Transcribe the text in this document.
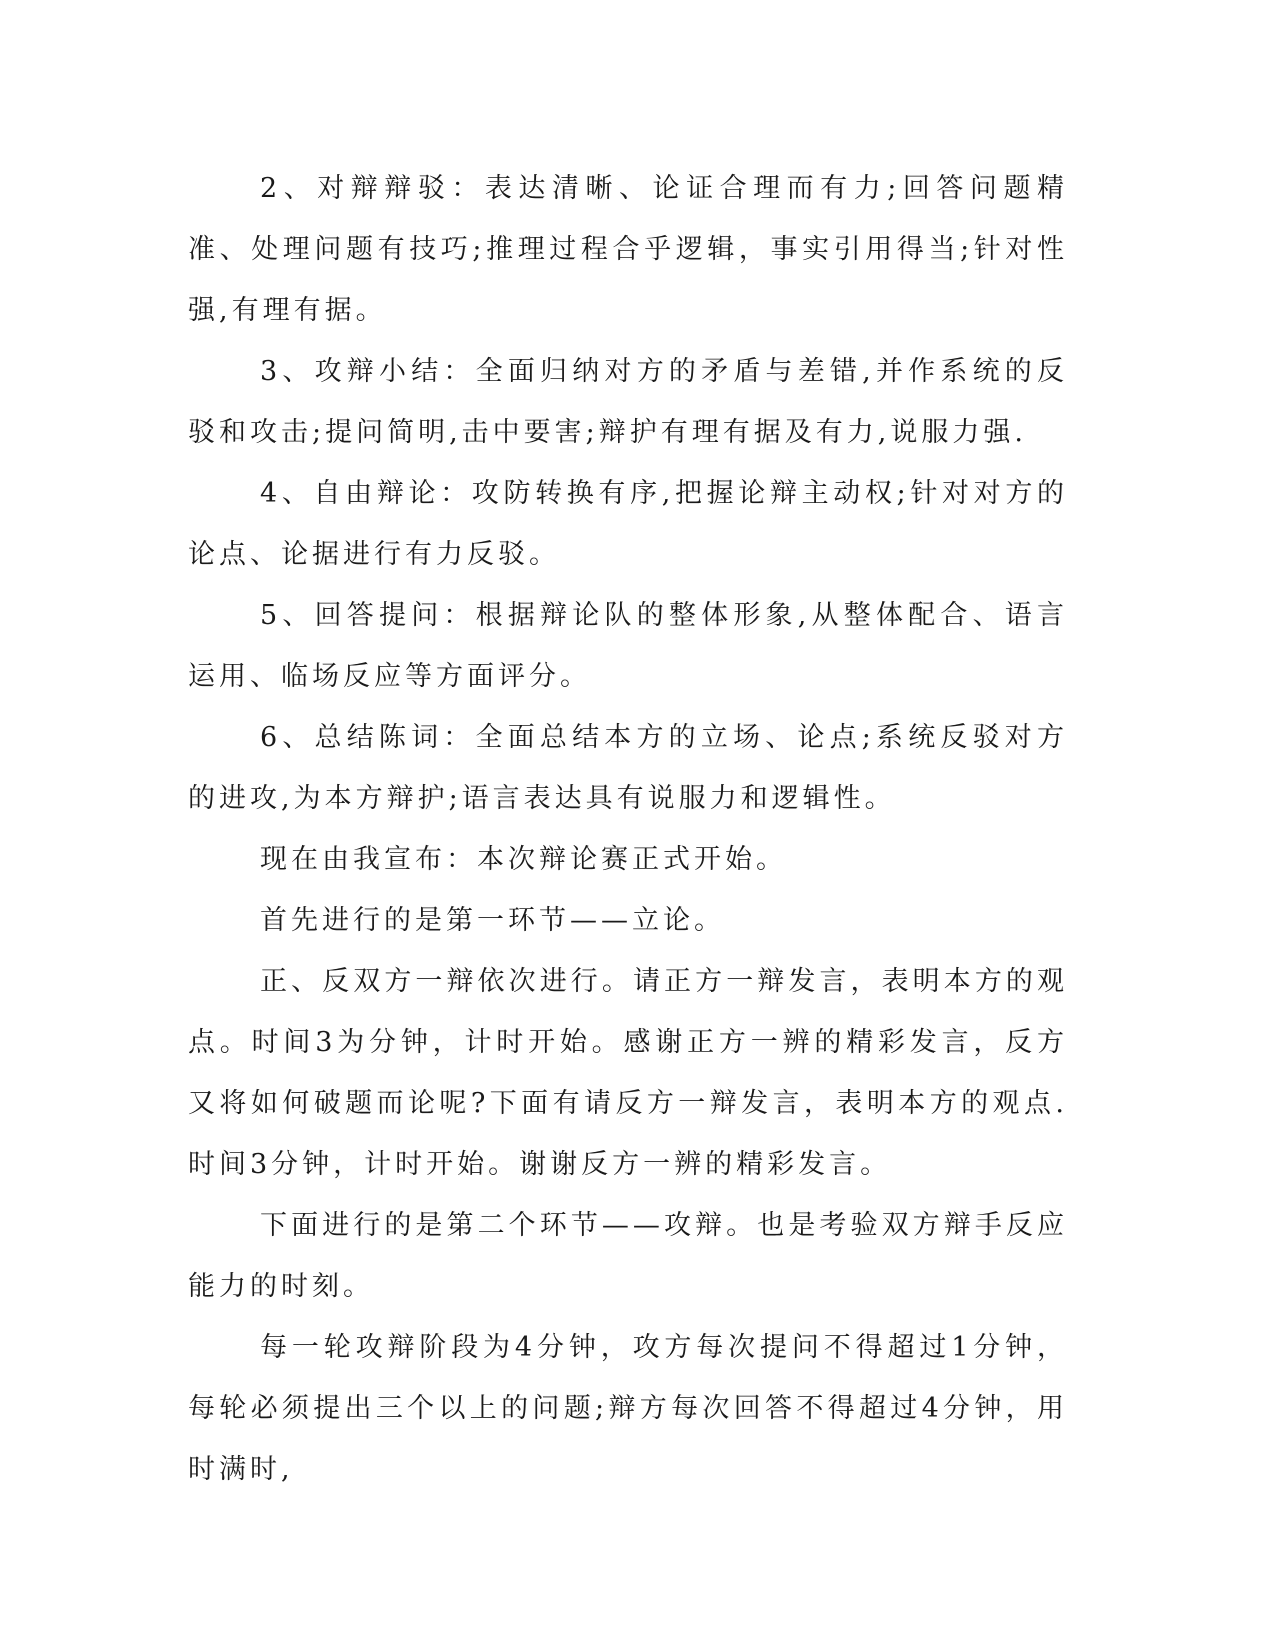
2、对辩辩驳：表达清晰、论证合理而有力;回答问题精准、处理问题有技巧;推理过程合乎逻辑，事实引用得当;针对性强,有理有据。

3、攻辩小结：全面归纳对方的矛盾与差错,并作系统的反驳和攻击;提问简明,击中要害;辩护有理有据及有力,说服力强.

4、自由辩论：攻防转换有序,把握论辩主动权;针对对方的论点、论据进行有力反驳。

5、回答提问：根据辩论队的整体形象,从整体配合、语言运用、临场反应等方面评分。

6、总结陈词：全面总结本方的立场、论点;系统反驳对方的进攻,为本方辩护;语言表达具有说服力和逻辑性。

现在由我宣布：本次辩论赛正式开始。

首先进行的是第一环节——立论。

正、反双方一辩依次进行。请正方一辩发言，表明本方的观点。时间3为分钟，计时开始。感谢正方一辨的精彩发言，反方又将如何破题而论呢?下面有请反方一辩发言，表明本方的观点.时间3分钟，计时开始。谢谢反方一辨的精彩发言。

下面进行的是第二个环节——攻辩。也是考验双方辩手反应能力的时刻。

每一轮攻辩阶段为4分钟，攻方每次提问不得超过1分钟，每轮必须提出三个以上的问题;辩方每次回答不得超过4分钟，用时满时,
